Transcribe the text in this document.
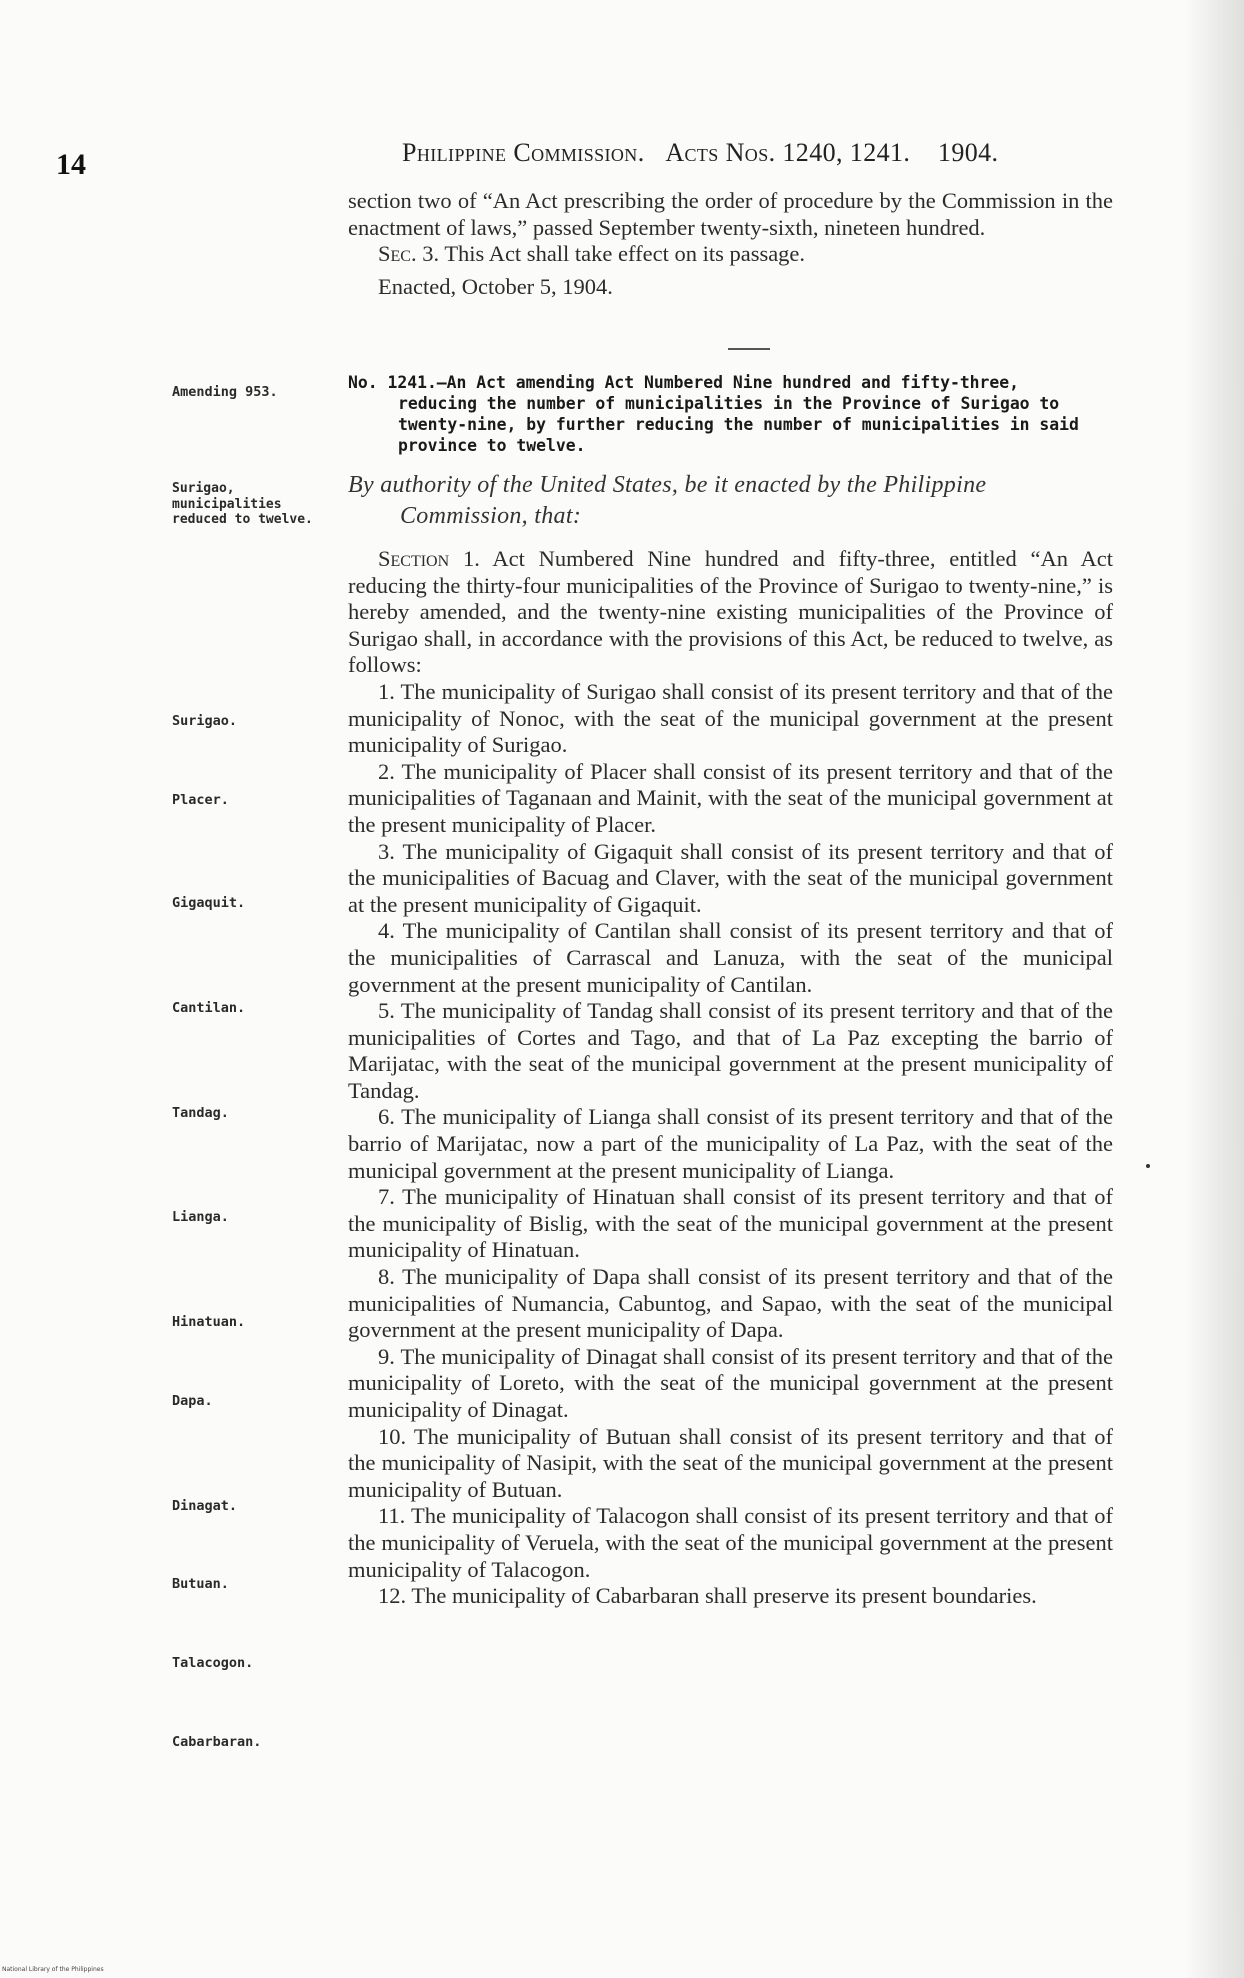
14	Philippine Commission. Acts Nos. 1240, 1241. 1904.

section two of “An Act prescribing the order of procedure by the Commission in the enactment of laws,” passed September twenty-sixth, nineteen hundred.

Sec. 3. This Act shall take effect on its passage.

Enacted, October 5, 1904.

No. 1241.—An Act amending Act Numbered Nine hundred and fifty-three,
reducing the number of municipalities in the Province of Surigao to twenty-nine, by further reducing the number of municipalities in said province to twelve.
Amending 953.
By authority of the United States, be it enacted by the Philippine
Commission, that:
Surigao, municipalities reduced to twelve.

Section 1. Act Numbered Nine hundred and fifty-three, entitled “An Act reducing the thirty-four municipalities of the Province of Surigao to twenty-nine,” is hereby amended, and the twenty-nine existing municipalities of the Province of Surigao shall, in accordance with the provisions of this Act, be reduced to twelve, as follows:

1. The municipality of Surigao shall consist of its present territory and that of the municipality of Nonoc, with the seat of the municipal government at the present municipality of Surigao.

2. The municipality of Placer shall consist of its present territory and that of the municipalities of Taganaan and Mainit, with the seat of the municipal government at the present municipality of Placer.

3. The municipality of Gigaquit shall consist of its present territory and that of the municipalities of Bacuag and Claver, with the seat of the municipal government at the present municipality of Gigaquit.

4. The municipality of Cantilan shall consist of its present territory and that of the municipalities of Carrascal and Lanuza, with the seat of the municipal government at the present municipality of Cantilan.

5. The municipality of Tandag shall consist of its present territory and that of the municipalities of Cortes and Tago, and that of La Paz excepting the barrio of Marijatac, with the seat of the municipal government at the present municipality of Tandag.

6. The municipality of Lianga shall consist of its present territory and that of the barrio of Marijatac, now a part of the municipality of La Paz, with the seat of the municipal government at the present municipality of Lianga.

7. The municipality of Hinatuan shall consist of its present territory and that of the municipality of Bislig, with the seat of the municipal government at the present municipality of Hinatuan.

8. The municipality of Dapa shall consist of its present territory and that of the municipalities of Numancia, Cabuntog, and Sapao, with the seat of the municipal government at the present municipality of Dapa.

9. The municipality of Dinagat shall consist of its present territory and that of the municipality of Loreto, with the seat of the municipal government at the present municipality of Dinagat.

10. The municipality of Butuan shall consist of its present territory and that of the municipality of Nasipit, with the seat of the municipal government at the present municipality of Butuan.

11. The municipality of Talacogon shall consist of its present territory and that of the municipality of Veruela, with the seat of the municipal government at the present municipality of Talacogon.

12. The municipality of Cabarbaran shall preserve its present boundaries.

Surigao.
Placer.
Gigaquit.
Cantilan.
Tandag.
Lianga.
Hinatuan.
Dapa.
Dinagat.
Butuan.
Talacogon.
Cabarbaran.
National Library of the Philippines
